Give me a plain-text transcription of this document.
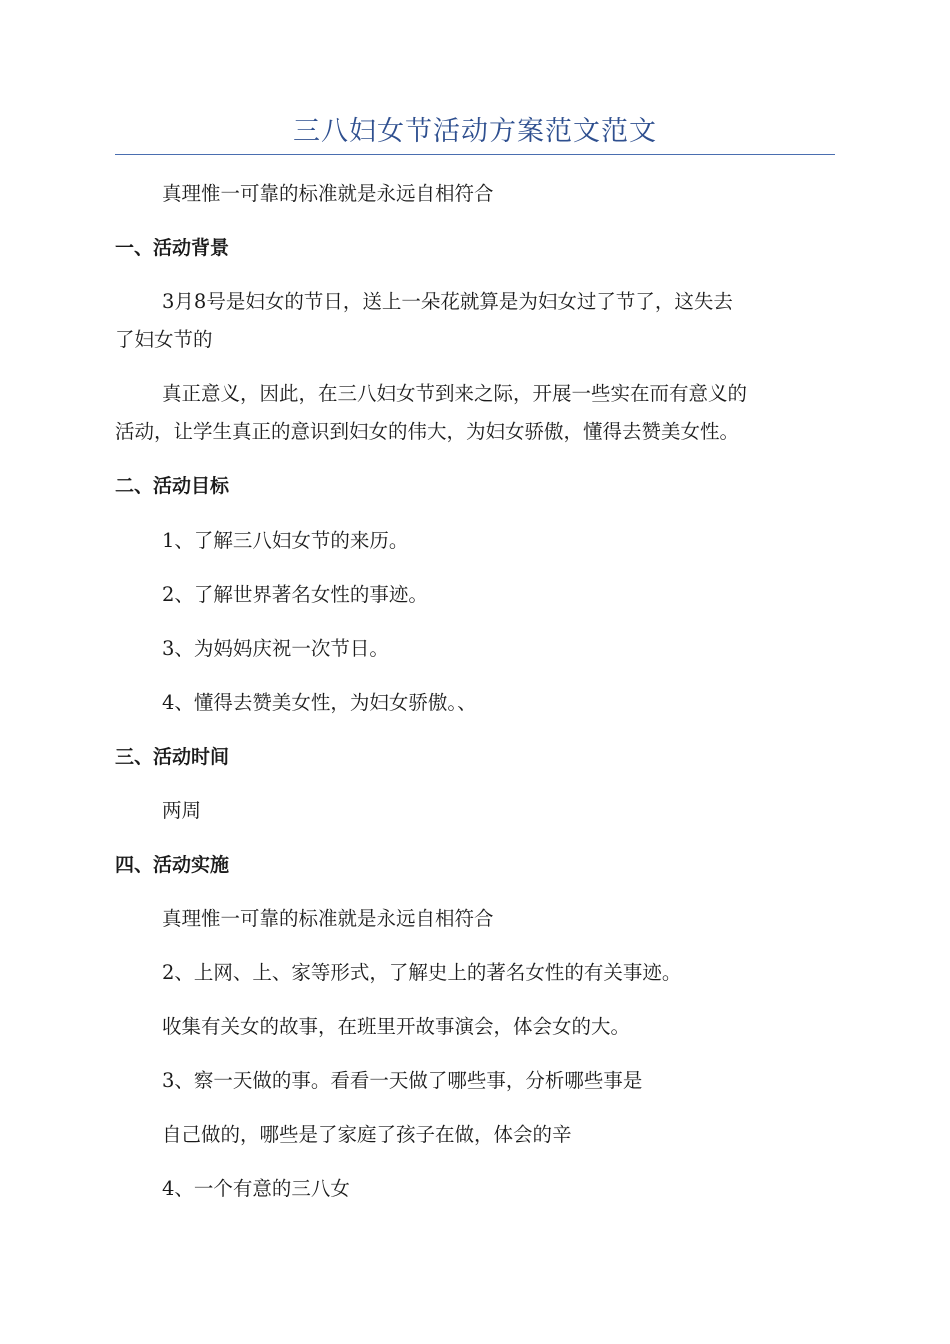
三八妇女节活动方案范文范文
真理惟一可靠的标准就是永远自相符合
一、活动背景
3月8号是妇女的节日，送上一朵花就算是为妇女过了节了，这失去
了妇女节的
真正意义，因此，在三八妇女节到来之际，开展一些实在而有意义的
活动，让学生真正的意识到妇女的伟大，为妇女骄傲，懂得去赞美女性。
二、活动目标
1、了解三八妇女节的来历。
2、了解世界著名女性的事迹。
3、为妈妈庆祝一次节日。
4、懂得去赞美女性，为妇女骄傲。、
三、活动时间
两周
四、活动实施
真理惟一可靠的标准就是永远自相符合
2、上网、上、家等形式，了解史上的著名女性的有关事迹。
收集有关女的故事，在班里开故事演会，体会女的大。
3、察一天做的事。看看一天做了哪些事，分析哪些事是
自己做的，哪些是了家庭了孩子在做，体会的辛
4、一个有意的三八女
